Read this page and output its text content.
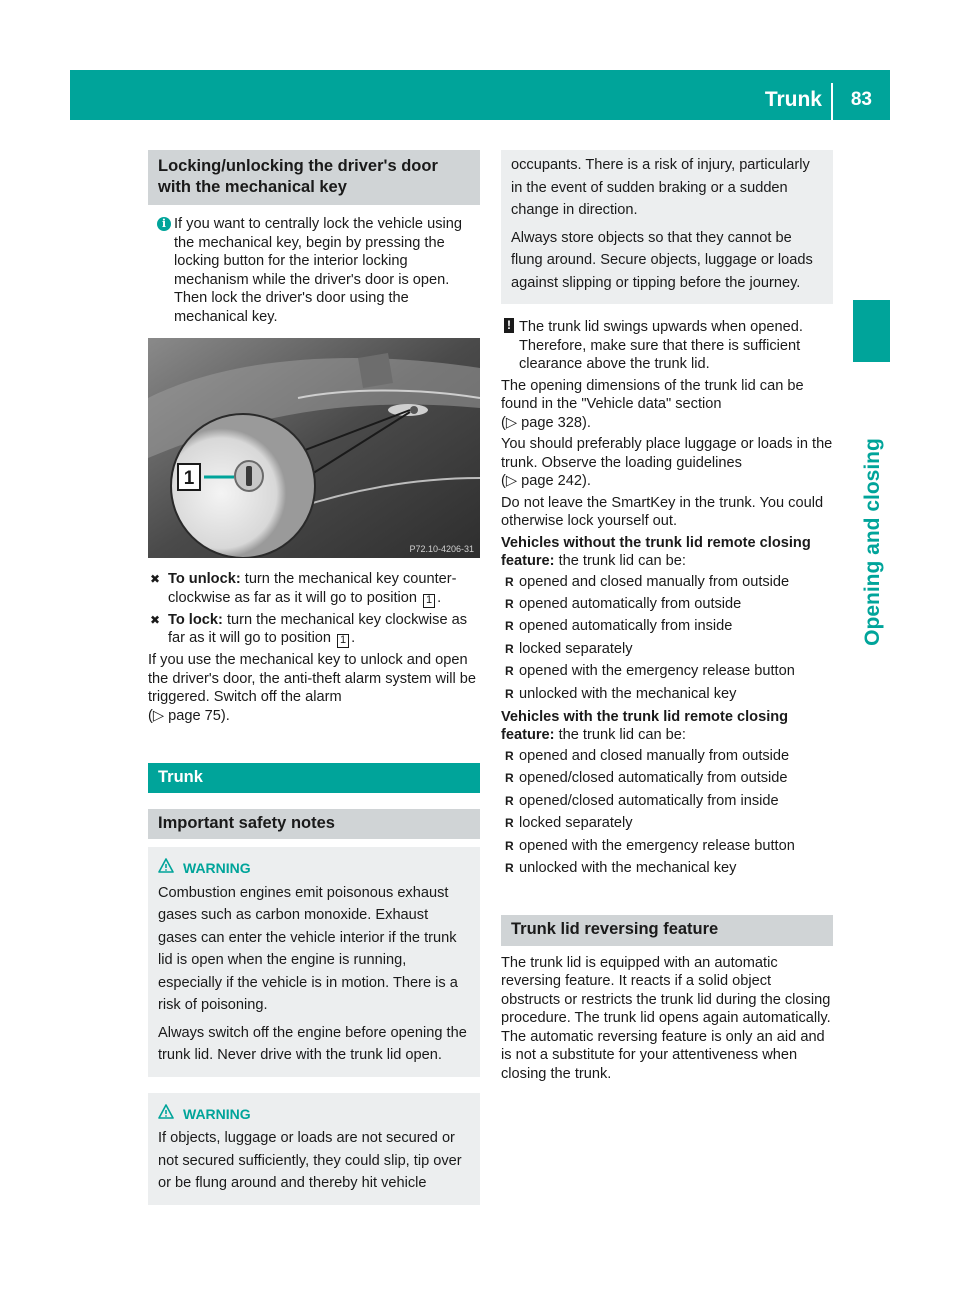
Trunk 83
Opening and closing
Locking/unlocking the driver's door with the mechanical key
i If you want to centrally lock the vehicle using the mechanical key, begin by pressing the locking button for the interior locking mechanism while the driver's door is open. Then lock the driver's door using the mechanical key.
1
P72.10-4206-31
✖ To unlock: turn the mechanical key counter-clockwise as far as it will go to position 1 .
✖ To lock: turn the mechanical key clockwise as far as it will go to position 1 .
If you use the mechanical key to unlock and open the driver's door, the anti-theft alarm system will be triggered. Switch off the alarm
(▷ page 75).
Trunk
Important safety notes
WARNING
Combustion engines emit poisonous exhaust gases such as carbon monoxide. Exhaust gases can enter the vehicle interior if the trunk lid is open when the engine is running, especially if the vehicle is in motion. There is a risk of poisoning.
Always switch off the engine before opening the trunk lid. Never drive with the trunk lid open.
WARNING
If objects, luggage or loads are not secured or not secured sufficiently, they could slip, tip over or be flung around and thereby hit vehicle
occupants. There is a risk of injury, particularly in the event of sudden braking or a sudden change in direction.
Always store objects so that they cannot be flung around. Secure objects, luggage or loads against slipping or tipping before the journey.
! The trunk lid swings upwards when opened. Therefore, make sure that there is sufficient clearance above the trunk lid.
The opening dimensions of the trunk lid can be found in the "Vehicle data" section
(▷ page 328).
You should preferably place luggage or loads in the trunk. Observe the loading guidelines
(▷ page 242).
Do not leave the SmartKey in the trunk. You could otherwise lock yourself out.
Vehicles without the trunk lid remote closing feature: the trunk lid can be:
R opened and closed manually from outside
R opened automatically from outside
R opened automatically from inside
R locked separately
R opened with the emergency release button
R unlocked with the mechanical key
Vehicles with the trunk lid remote closing feature: the trunk lid can be:
R opened and closed manually from outside
R opened/closed automatically from outside
R opened/closed automatically from inside
R locked separately
R opened with the emergency release button
R unlocked with the mechanical key
Trunk lid reversing feature
The trunk lid is equipped with an automatic reversing feature. It reacts if a solid object obstructs or restricts the trunk lid during the closing procedure. The trunk lid opens again automatically. The automatic reversing feature is only an aid and is not a substitute for your attentiveness when closing the trunk.
